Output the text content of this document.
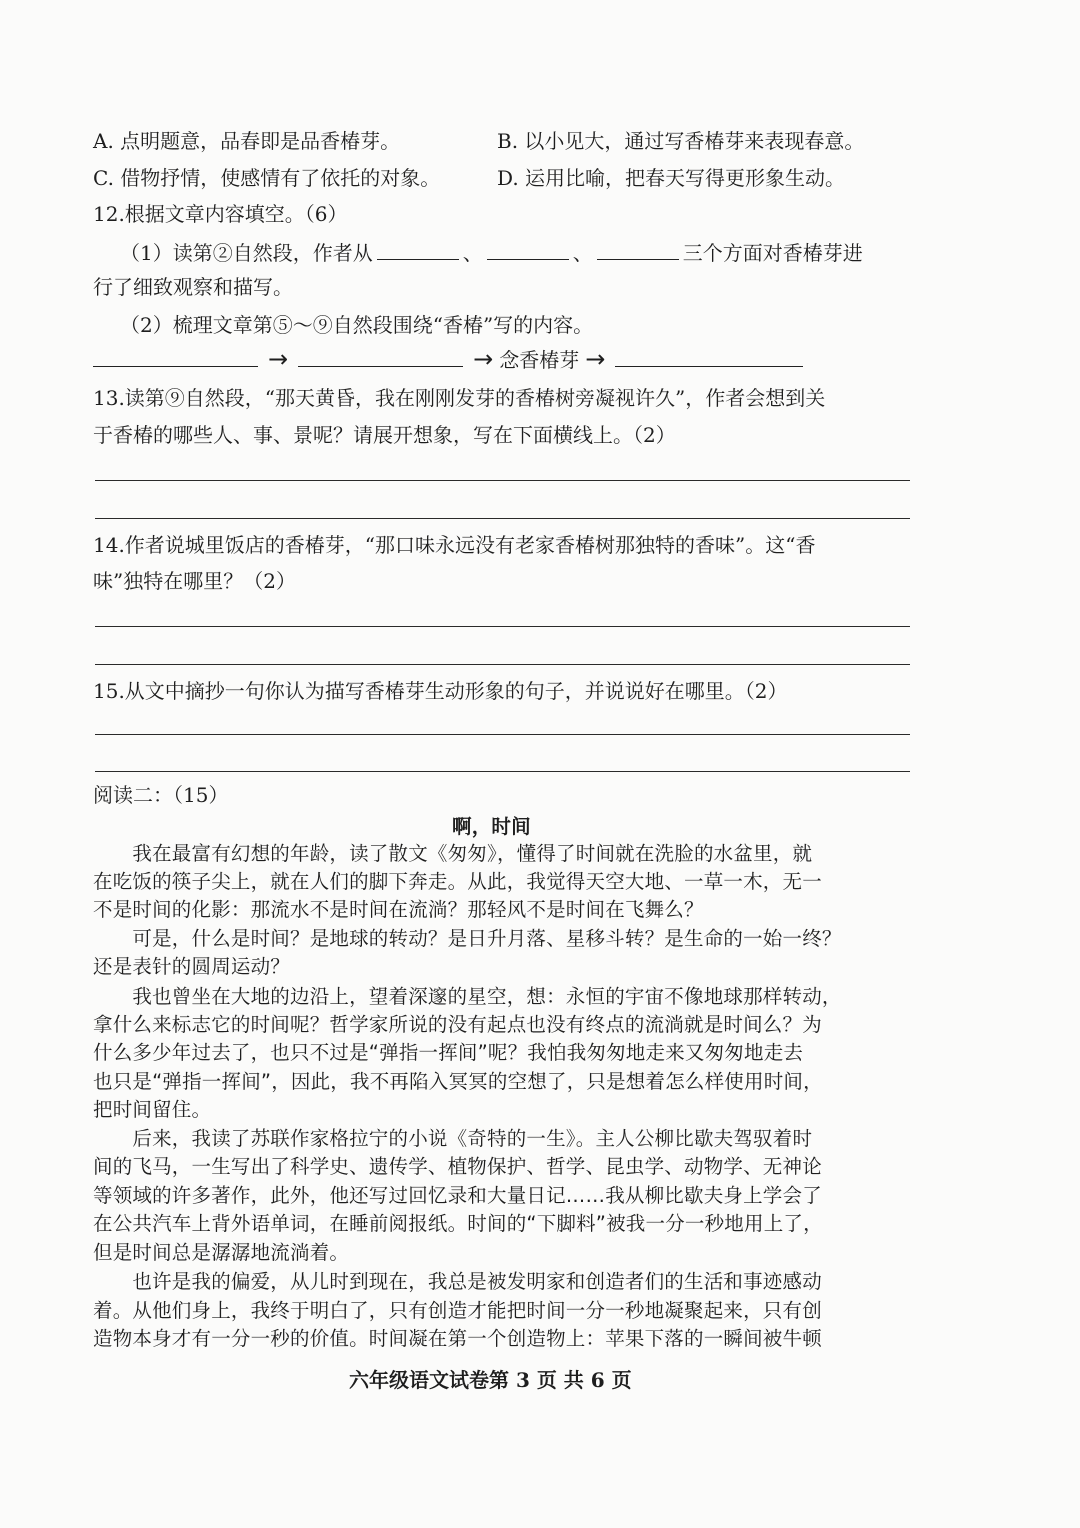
A. 点明题意，品春即是品香椿芽。	B. 以小见大，通过写香椿芽来表现春意。
C. 借物抒情，使感情有了依托的对象。	D. 运用比喻，把春天写得更形象生动。
12.根据文章内容填空。（6）
（1）读第②自然段，作者从	、	、	三个方面对香椿芽进
行了细致观察和描写。
（2）梳理文章第⑤～⑨自然段围绕“香椿”写的内容。
→	→ 念香椿芽 →
13.读第⑨自然段，“那天黄昏，我在刚刚发芽的香椿树旁凝视许久”，作者会想到关
于香椿的哪些人、事、景呢？请展开想象，写在下面横线上。（2）
14.作者说城里饭店的香椿芽，“那口味永远没有老家香椿树那独特的香味”。这“香
味”独特在哪里？（2）
15.从文中摘抄一句你认为描写香椿芽生动形象的句子，并说说好在哪里。（2）
阅读二：（15）
啊，时间
　　我在最富有幻想的年龄，读了散文《匆匆》，懂得了时间就在洗脸的水盆里，就
在吃饭的筷子尖上，就在人们的脚下奔走。从此，我觉得天空大地、一草一木，无一
不是时间的化影：那流水不是时间在流淌？那轻风不是时间在飞舞么？
　　可是，什么是时间？是地球的转动？是日升月落、星移斗转？是生命的一始一终？
还是表针的圆周运动？
　　我也曾坐在大地的边沿上，望着深邃的星空，想：永恒的宇宙不像地球那样转动，
拿什么来标志它的时间呢？哲学家所说的没有起点也没有终点的流淌就是时间么？为
什么多少年过去了，也只不过是“弹指一挥间”呢？我怕我匆匆地走来又匆匆地走去
也只是“弹指一挥间”，因此，我不再陷入冥冥的空想了，只是想着怎么样使用时间，
把时间留住。
　　后来，我读了苏联作家格拉宁的小说《奇特的一生》。主人公柳比歇夫驾驭着时
间的飞马，一生写出了科学史、遗传学、植物保护、哲学、昆虫学、动物学、无神论
等领域的许多著作，此外，他还写过回忆录和大量日记……我从柳比歇夫身上学会了
在公共汽车上背外语单词，在睡前阅报纸。时间的“下脚料”被我一分一秒地用上了，
但是时间总是潺潺地流淌着。
　　也许是我的偏爱，从儿时到现在，我总是被发明家和创造者们的生活和事迹感动
着。从他们身上，我终于明白了，只有创造才能把时间一分一秒地凝聚起来，只有创
造物本身才有一分一秒的价值。时间凝在第一个创造物上：苹果下落的一瞬间被牛顿
六年级语文试卷第 3 页 共 6 页
